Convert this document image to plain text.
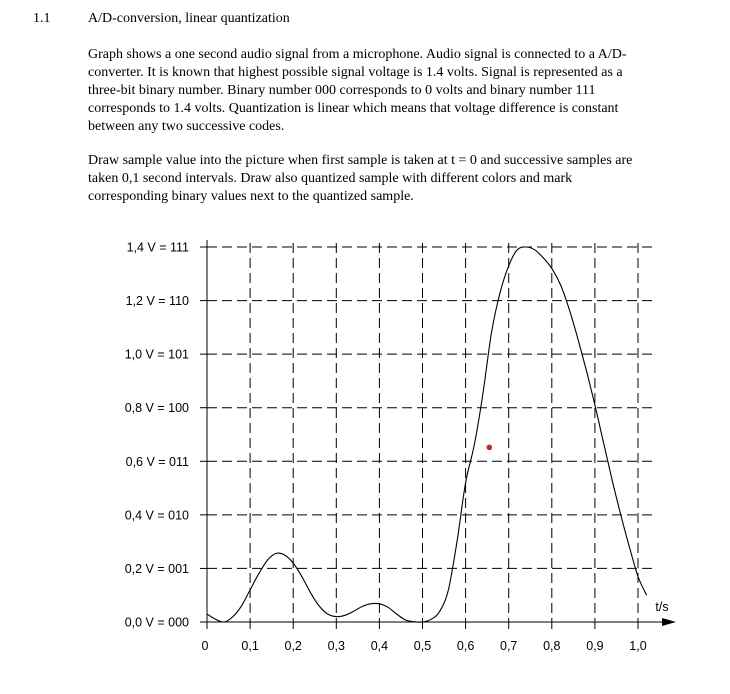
1.1	A/D-conversion, linear quantization

Graph shows a one second audio signal from a microphone. Audio signal is connected to a A/D-
converter. It is known that highest possible signal voltage is 1.4 volts. Signal is represented as a
three-bit binary number. Binary number 000 corresponds to 0 volts and binary number 111
corresponds to 1.4 volts. Quantization is linear which means that voltage difference is constant
between any two successive codes.

Draw sample value into the picture when first sample is taken at t = 0 and successive samples are
taken 0,1 second intervals. Draw also quantized sample with different colors and mark
corresponding binary values next to the quantized sample.

0,0 V = 000
0,2 V = 001
0,4 V = 010
0,6 V = 011
0,8 V = 100
1,0 V = 101
1,2 V = 110
1,4 V = 111
0	0,1 0,2 0,3 0,4 0,5 0,6 0,7 0,8 0,9 1,0
t/s
